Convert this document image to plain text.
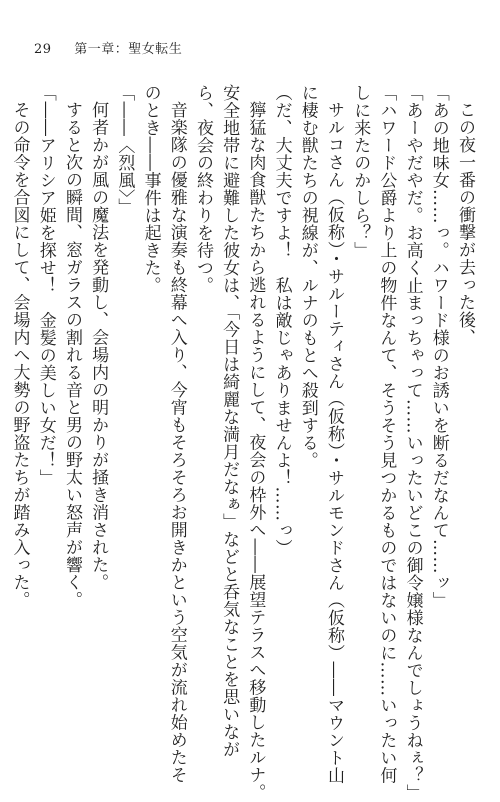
29 第一章：聖女転生
この夜一番の衝撃が去った後、
「あの地味女……っ。ハワード様のお誘いを断るだなんて……ッ」
「あーやだやだ。お高く止まっちゃって……いったいどこの御令嬢様なんでしょうねぇ？」
「ハワード公爵より上の物件なんて、そうそう見つかるものではないのに……いったい何
しに来たのかしら？」
サルコさん（仮称）・サルーティさん（仮称）・サルモンドさん（仮称）――マウント山
に棲む獣たちの視線が、ルナのもとへ殺到する。
（だ、大丈夫ですよ！　私は敵じゃありませんよ！……っ）
獰猛な肉食獣たちから逃れるようにして、夜会の枠外へ――展望テラスへ移動したルナ。
安全地帯に避難した彼女は、「今日は綺麗な満月だなぁ」などと呑気なことを思いなが
ら、夜会の終わりを待つ。
音楽隊の優雅な演奏も終幕へ入り、今宵もそろそろお開きかという空気が流れ始めたそ
のとき――事件は起きた。
「――〈烈風〉」
何者かが風の魔法を発動し、会場内の明かりが掻き消された。
すると次の瞬間、窓ガラスの割れる音と男の野太い怒声が響く。
「――アリシア姫を探せ！　金髪の美しい女だ！」
その命令を合図にして、会場内へ大勢の野盗たちが踏み入った。
